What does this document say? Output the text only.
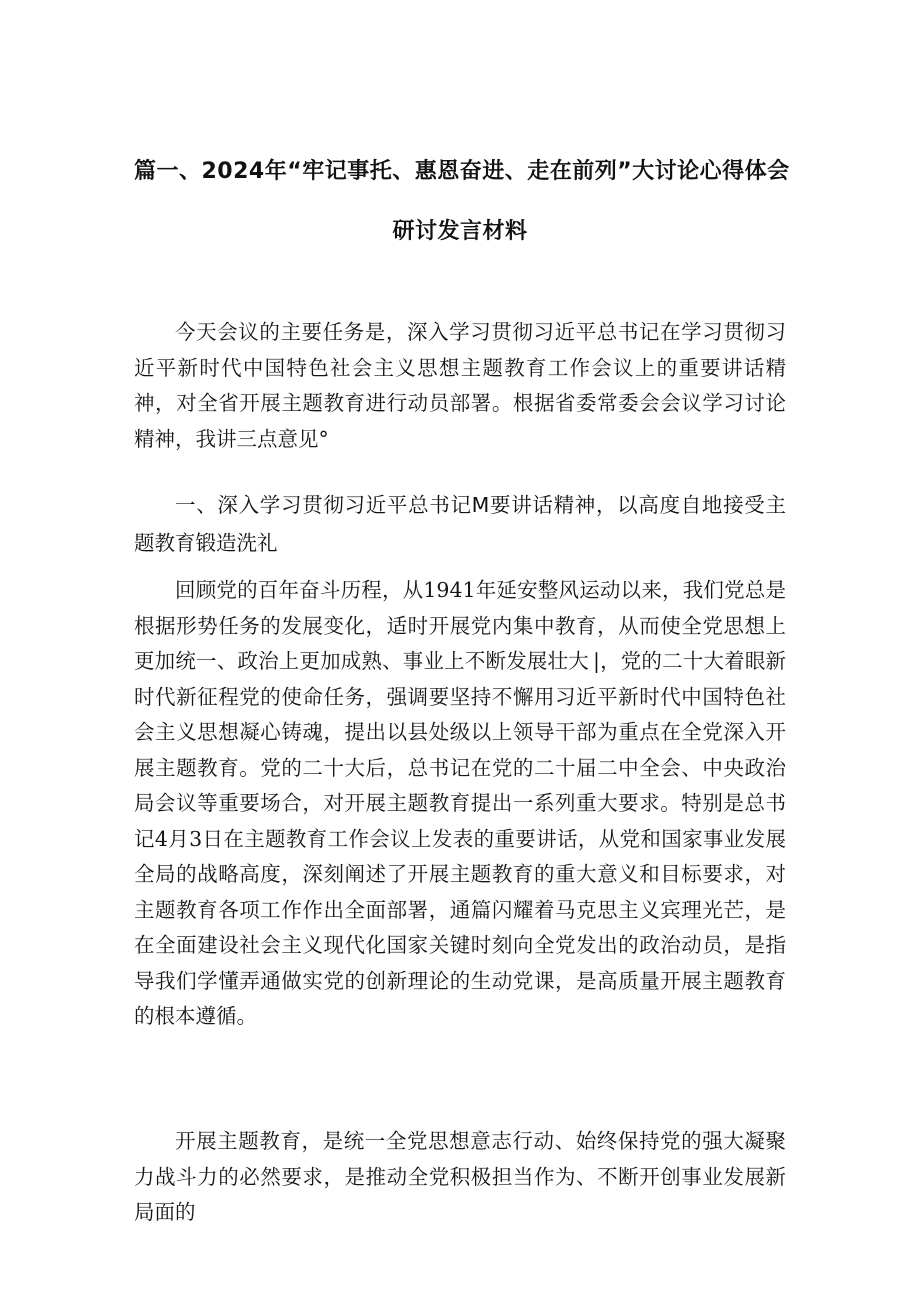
篇一、2024年“牢记事托、惠恩奋进、走在前列”大讨论心得体会
研讨发言材料

今天会议的主要任务是，深入学习贯彻习近平总书记在学习贯彻习近平新时代中国特色社会主义思想主题教育工作会议上的重要讲话精神，对全省开展主题教育进行动员部署。根据省委常委会会议学习讨论精神，我讲三点意见°

一、深入学习贯彻习近平总书记M要讲话精神，以高度自地接受主题教育锻造洗礼

回顾党的百年奋斗历程，从1941年延安整风运动以来，我们党总是根据形势任务的发展变化，适时开展党内集中教育，从而使全党思想上更加统一、政治上更加成熟、事业上不断发展壮大 |，党的二十大着眼新时代新征程党的使命任务，强调要坚持不懈用习近平新时代中国特色社会主义思想凝心铸魂，提出以县处级以上领导干部为重点在全党深入开展主题教育。党的二十大后，总书记在党的二十届二中全会、中央政治局会议等重要场合，对开展主题教育提出一系列重大要求。特别是总书记4月3日在主题教育工作会议上发表的重要讲话，从党和国家事业发展全局的战略高度，深刻阐述了开展主题教育的重大意义和目标要求，对主题教育各项工作作出全面部署，通篇闪耀着马克思主义宾理光芒，是在全面建设社会主义现代化国家关键时刻向全党发出的政治动员，是指导我们学懂弄通做实党的创新理论的生动党课，是高质量开展主题教育的根本遵循。

开展主题教育，是统一全党思想意志行动、始终保持党的强大凝聚力战斗力的必然要求，是推动全党积极担当作为、不断开创事业发展新局面的
